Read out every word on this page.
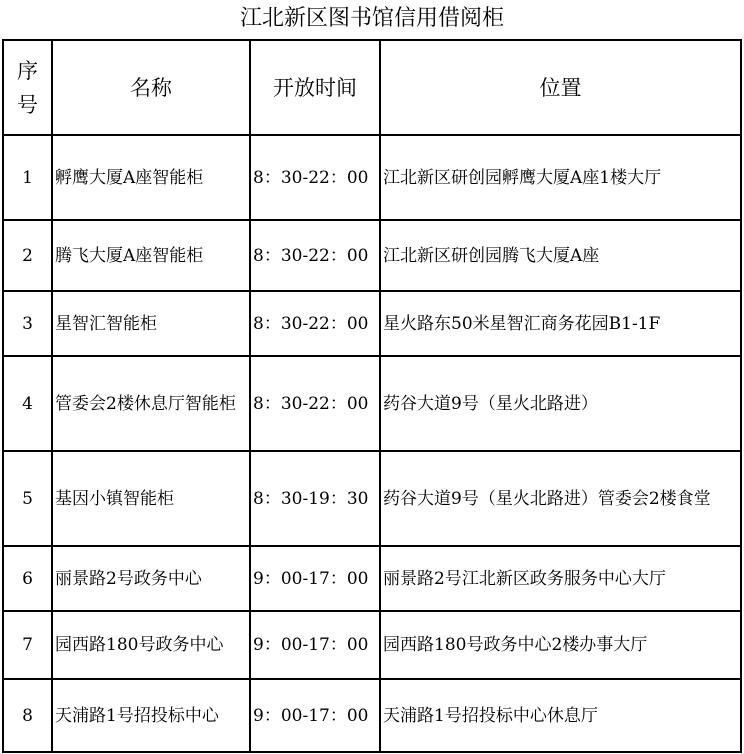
江北新区图书馆信用借阅柜
序号	名称	开放时间	位置
1	孵鹰大厦A座智能柜	8：30-22：00	江北新区研创园孵鹰大厦A座1楼大厅
2	腾飞大厦A座智能柜	8：30-22：00	江北新区研创园腾飞大厦A座
3	星智汇智能柜	8：30-22：00	星火路东50米星智汇商务花园B1-1F
4	管委会2楼休息厅智能柜	8：30-22：00	药谷大道9号（星火北路进）
5	基因小镇智能柜	8：30-19：30	药谷大道9号（星火北路进）管委会2楼食堂
6	丽景路2号政务中心	9：00-17：00	丽景路2号江北新区政务服务中心大厅
7	园西路180号政务中心	9：00-17：00	园西路180号政务中心2楼办事大厅
8	天浦路1号招投标中心	9：00-17：00	天浦路1号招投标中心休息厅
